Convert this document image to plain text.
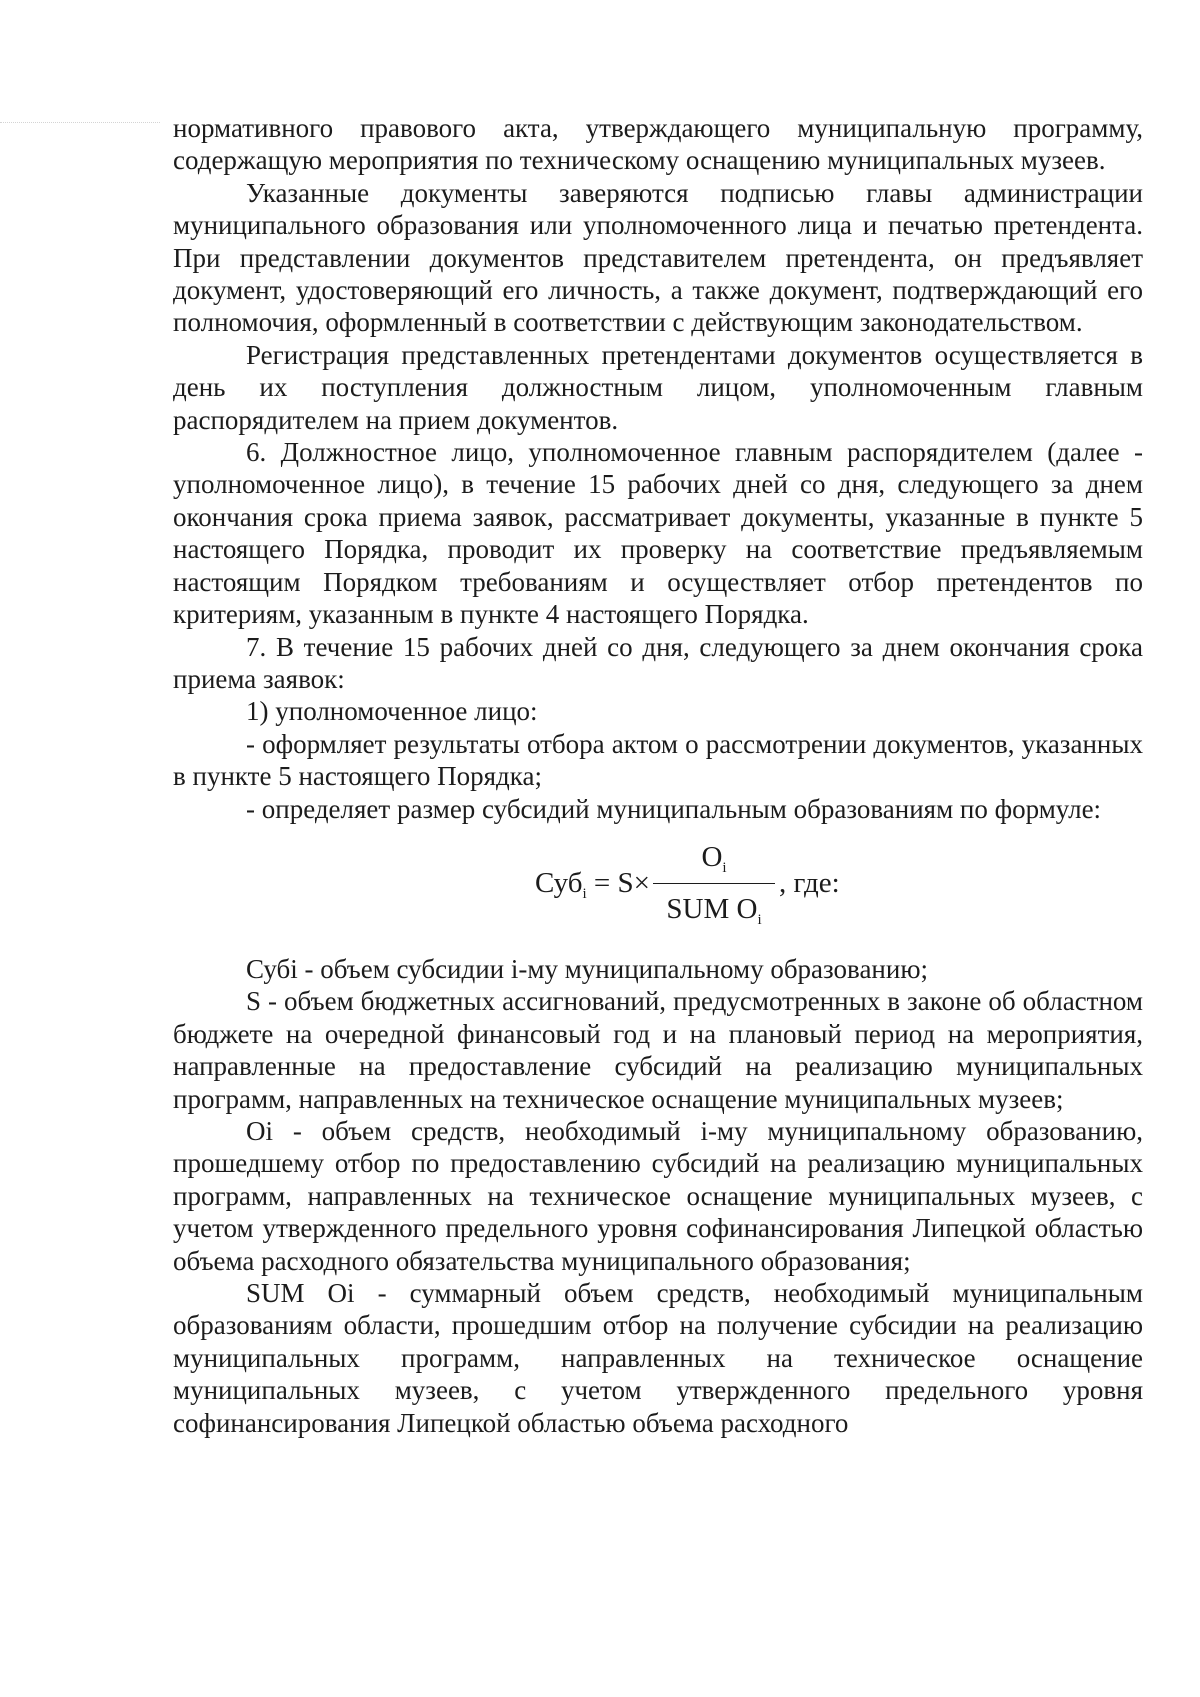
нормативного правового акта, утверждающего муниципальную программу, содержащую мероприятия по техническому оснащению муниципальных музеев.

Указанные документы заверяются подписью главы администрации муниципального образования или уполномоченного лица и печатью претендента. При представлении документов представителем претендента, он предъявляет документ, удостоверяющий его личность, а также документ, подтверждающий его полномочия, оформленный в соответствии с действующим законодательством.

Регистрация представленных претендентами документов осуществляется в день их поступления должностным лицом, уполномоченным главным распорядителем на прием документов.

6. Должностное лицо, уполномоченное главным распорядителем (далее - уполномоченное лицо), в течение 15 рабочих дней со дня, следующего за днем окончания срока приема заявок, рассматривает документы, указанные в пункте 5 настоящего Порядка, проводит их проверку на соответствие предъявляемым настоящим Порядком требованиям и осуществляет отбор претендентов по критериям, указанным в пункте 4 настоящего Порядка.

7. В течение 15 рабочих дней со дня, следующего за днем окончания срока приема заявок:

1) уполномоченное лицо:

- оформляет результаты отбора актом о рассмотрении документов, указанных в пункте 5 настоящего Порядка;

- определяет размер субсидий муниципальным образованиям по формуле:

Суб$_i$ = S×
$O_i$
SUM $O_i$
, где:

Субі - объем субсидии і-му муниципальному образованию;

S - объем бюджетных ассигнований, предусмотренных в законе об областном бюджете на очередной финансовый год и на плановый период на мероприятия, направленные на предоставление субсидий на реализацию муниципальных программ, направленных на техническое оснащение муниципальных музеев;

Oi - объем средств, необходимый і-му муниципальному образованию, прошедшему отбор по предоставлению субсидий на реализацию муниципальных программ, направленных на техническое оснащение муниципальных музеев, с учетом утвержденного предельного уровня софинансирования Липецкой областью объема расходного обязательства муниципального образования;

SUM Oi - суммарный объем средств, необходимый муниципальным образованиям области, прошедшим отбор на получение субсидии на реализацию муниципальных программ, направленных на техническое оснащение муниципальных музеев, с учетом утвержденного предельного уровня софинансирования Липецкой областью объема расходного
